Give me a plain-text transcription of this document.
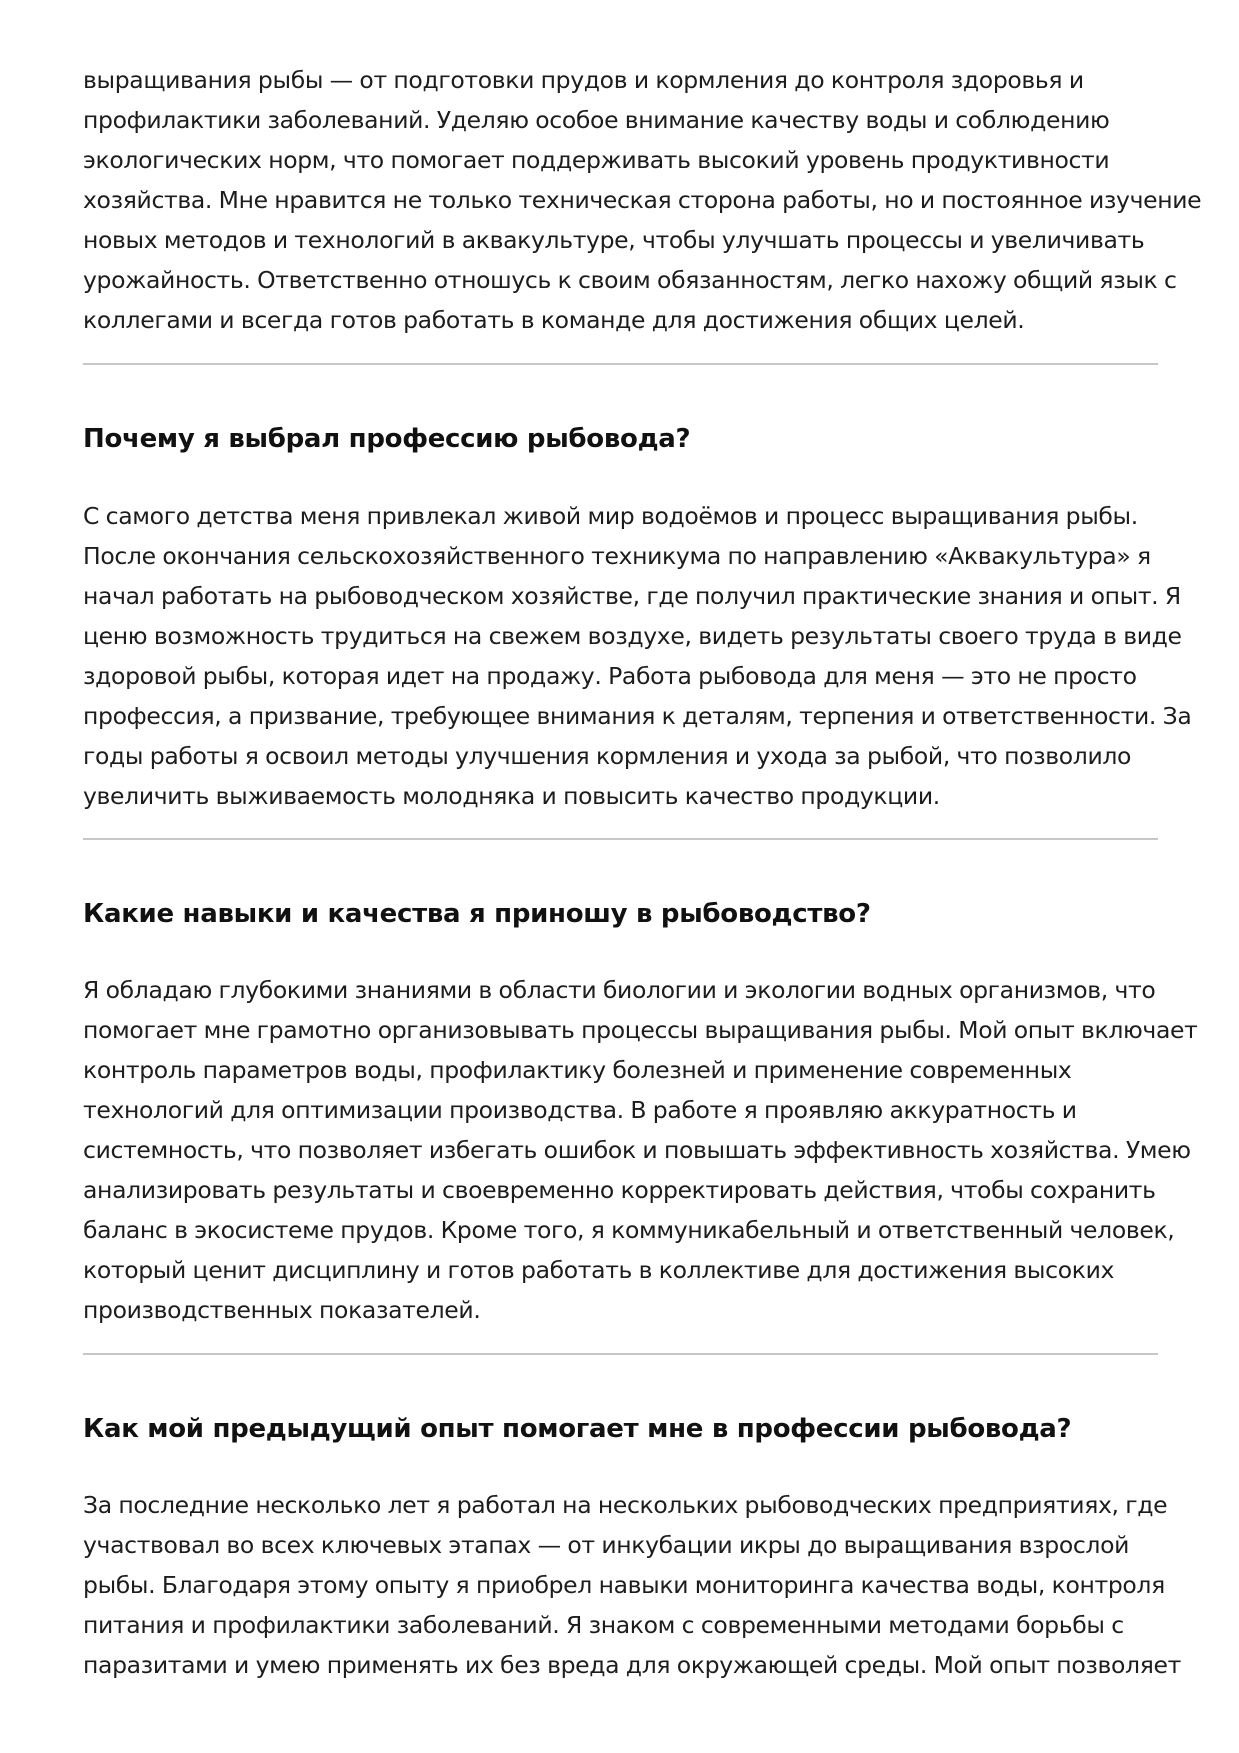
выращивания рыбы — от подготовки прудов и кормления до контроля здоровья и
профилактики заболеваний. Уделяю особое внимание качеству воды и соблюдению
экологических норм, что помогает поддерживать высокий уровень продуктивности
хозяйства. Мне нравится не только техническая сторона работы, но и постоянное изучение
новых методов и технологий в аквакультуре, чтобы улучшать процессы и увеличивать
урожайность. Ответственно отношусь к своим обязанностям, легко нахожу общий язык с
коллегами и всегда готов работать в команде для достижения общих целей.
Почему я выбрал профессию рыбовода?
С самого детства меня привлекал живой мир водоёмов и процесс выращивания рыбы.
После окончания сельскохозяйственного техникума по направлению «Аквакультура» я
начал работать на рыбоводческом хозяйстве, где получил практические знания и опыт. Я
ценю возможность трудиться на свежем воздухе, видеть результаты своего труда в виде
здоровой рыбы, которая идет на продажу. Работа рыбовода для меня — это не просто
профессия, а призвание, требующее внимания к деталям, терпения и ответственности. За
годы работы я освоил методы улучшения кормления и ухода за рыбой, что позволило
увеличить выживаемость молодняка и повысить качество продукции.
Какие навыки и качества я приношу в рыбоводство?
Я обладаю глубокими знаниями в области биологии и экологии водных организмов, что
помогает мне грамотно организовывать процессы выращивания рыбы. Мой опыт включает
контроль параметров воды, профилактику болезней и применение современных
технологий для оптимизации производства. В работе я проявляю аккуратность и
системность, что позволяет избегать ошибок и повышать эффективность хозяйства. Умею
анализировать результаты и своевременно корректировать действия, чтобы сохранить
баланс в экосистеме прудов. Кроме того, я коммуникабельный и ответственный человек,
который ценит дисциплину и готов работать в коллективе для достижения высоких
производственных показателей.
Как мой предыдущий опыт помогает мне в профессии рыбовода?
За последние несколько лет я работал на нескольких рыбоводческих предприятиях, где
участвовал во всех ключевых этапах — от инкубации икры до выращивания взрослой
рыбы. Благодаря этому опыту я приобрел навыки мониторинга качества воды, контроля
питания и профилактики заболеваний. Я знаком с современными методами борьбы с
паразитами и умею применять их без вреда для окружающей среды. Мой опыт позволяет
